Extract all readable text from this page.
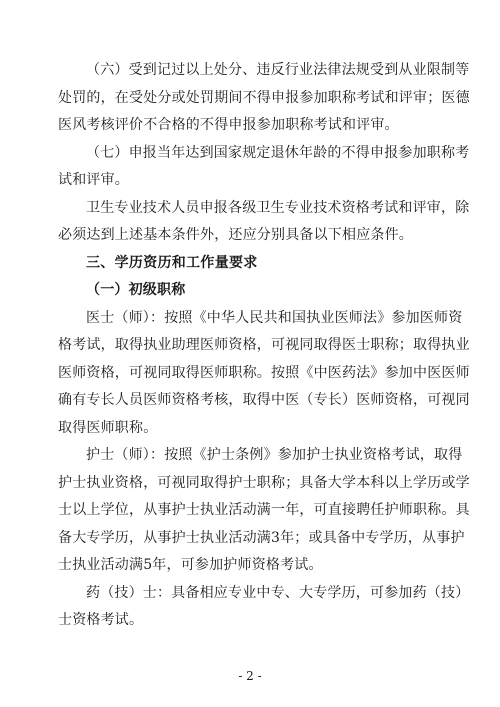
（六）受到记过以上处分、违反行业法律法规受到从业限制等
处罚的，在受处分或处罚期间不得申报参加职称考试和评审；医德
医风考核评价不合格的不得申报参加职称考试和评审。
（七）申报当年达到国家规定退休年龄的不得申报参加职称考
试和评审。
卫生专业技术人员申报各级卫生专业技术资格考试和评审，除
必须达到上述基本条件外，还应分别具备以下相应条件。
三、学历资历和工作量要求
（一）初级职称
医士（师）：按照《中华人民共和国执业医师法》参加医师资
格考试，取得执业助理医师资格，可视同取得医士职称；取得执业
医师资格，可视同取得医师职称。按照《中医药法》参加中医医师
确有专长人员医师资格考核，取得中医（专长）医师资格，可视同
取得医师职称。
护士（师）：按照《护士条例》参加护士执业资格考试，取得
护士执业资格，可视同取得护士职称；具备大学本科以上学历或学
士以上学位，从事护士执业活动满一年，可直接聘任护师职称。具
备大专学历，从事护士执业活动满3年；或具备中专学历，从事护
士执业活动满5年，可参加护师资格考试。
药（技）士：具备相应专业中专、大专学历，可参加药（技）
士资格考试。
- 2 -
